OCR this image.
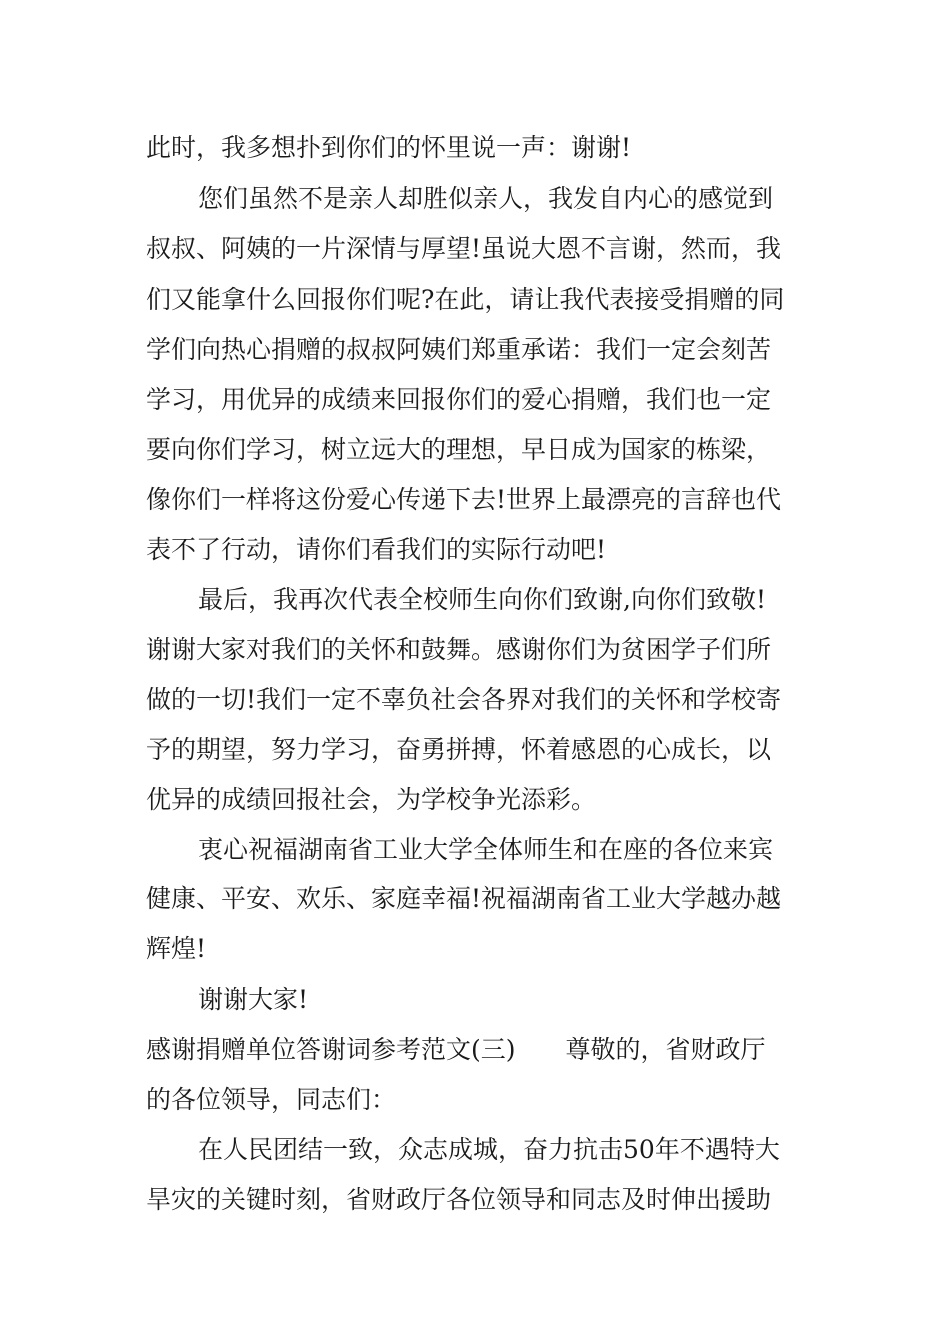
此时，我多想扑到你们的怀里说一声：谢谢!
您们虽然不是亲人却胜似亲人，我发自内心的感觉到
叔叔、阿姨的一片深情与厚望!虽说大恩不言谢，然而，我
们又能拿什么回报你们呢?在此，请让我代表接受捐赠的同
学们向热心捐赠的叔叔阿姨们郑重承诺：我们一定会刻苦
学习，用优异的成绩来回报你们的爱心捐赠，我们也一定
要向你们学习，树立远大的理想，早日成为国家的栋梁，
像你们一样将这份爱心传递下去!世界上最漂亮的言辞也代
表不了行动，请你们看我们的实际行动吧!
最后，我再次代表全校师生向你们致谢,向你们致敬!
谢谢大家对我们的关怀和鼓舞。感谢你们为贫困学子们所
做的一切!我们一定不辜负社会各界对我们的关怀和学校寄
予的期望，努力学习，奋勇拼搏，怀着感恩的心成长，以
优异的成绩回报社会，为学校争光添彩。
衷心祝福湖南省工业大学全体师生和在座的各位来宾
健康、平安、欢乐、家庭幸福!祝福湖南省工业大学越办越
辉煌!
谢谢大家!
感谢捐赠单位答谢词参考范文(三)　　尊敬的，省财政厅
的各位领导，同志们：
在人民团结一致，众志成城，奋力抗击50年不遇特大
旱灾的关键时刻，省财政厅各位领导和同志及时伸出援助
